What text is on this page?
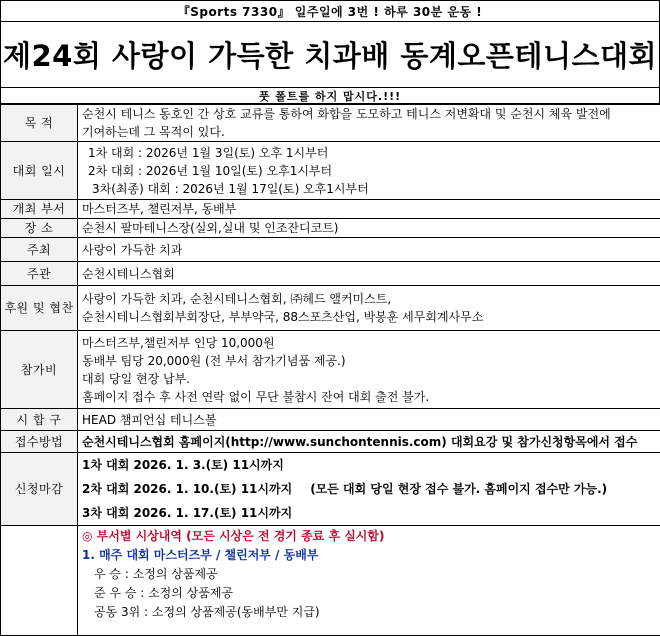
『Sports 7330』 일주일에 3번 ! 하루 30분 운동 !
제24회 사랑이 가득한 치과배 동계오픈테니스대회
풋 폴트를 하지 맙시다.!!!
목 적	순천시 테니스 동호인 간 상호 교류를 통하여 화합을 도모하고 테니스 저변확대 및 순천시 체육 발전에
기여하는데 그 목적이 있다.

대회 일시	1차 대회 : 2026년 1월 3일(토) 오후 1시부터
2차 대회 : 2026년 1월 10일(토) 오후1시부터
3차(최종) 대회 : 2026년 1월 17일(토) 오후1시부터

개최 부서	마스터즈부, 챌린저부, 동배부
장 소	순천시 팔마테니스장(실외,실내 및 인조잔디코트)
주최	사랑이 가득한 치과
주관	순천시테니스협회
후원 및 협찬	사랑이 가득한 치과, 순천시테니스협회, ㈜헤드 앨커미스트,
순천시테니스협회부회장단, 부부약국, 88스포츠산업, 박봉훈 세무회계사무소

참가비	마스터즈부,챌린저부 인당 10,000원
동배부 팀당 20,000원 (전 부서 참가기념품 제공.)
대회 당일 현장 납부.
홈페이지 접수 후 사전 연락 없이 무단 불참시 잔여 대회 출전 불가.

시 합 구	HEAD 챔피언십 테니스볼
접수방법	순천시테니스협회 홈페이지(http://www.sunchontennis.com) 대회요강 및 참가신청항목에서 접수
신청마감	1차 대회 2026. 1. 3.(토) 11시까지
2차 대회 2026. 1. 10.(토) 11시까지 (모든 대회 당일 현장 접수 불가. 홈페이지 접수만 가능.)
3차 대회 2026. 1. 17.(토) 11시까지

	◎ 부서별 시상내역 (모든 시상은 전 경기 종료 후 실시함)
1. 매주 대회 마스터즈부 / 챌린저부 / 동배부
우 승 : 소정의 상품제공
준 우 승 : 소정의 상품제공
공동 3위 : 소정의 상품제공(동배부만 지급)
